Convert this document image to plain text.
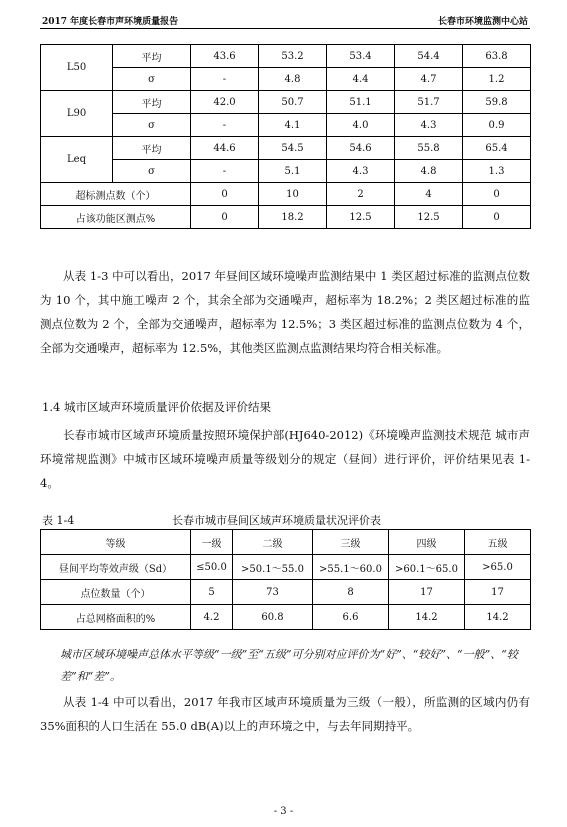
2017 年度长春市声环境质量报告	长春市环境监测中心站
L50	平均	43.6	53.2	53.4	54.4	63.8
	σ	-	4.8	4.4	4.7	1.2
L90	平均	42.0	50.7	51.1	51.7	59.8
	σ	-	4.1	4.0	4.3	0.9
Leq	平均	44.6	54.5	54.6	55.8	65.4
	σ	-	5.1	4.3	4.8	1.3
超标测点数（个）		0	10	2	4	0
占该功能区测点%		0	18.2	12.5	12.5	0

从表 1-3 中可以看出，2017 年昼间区域环境噪声监测结果中 1 类区超过标准的监测点位数为 10 个，其中施工噪声 2 个，其余全部为交通噪声，超标率为 18.2%；2 类区超过标准的监测点位数为 2 个，全部为交通噪声，超标率为 12.5%；3 类区超过标准的监测点位数为 4 个，全部为交通噪声，超标率为 12.5%，其他类区监测点监测结果均符合相关标准。

1.4 城市区域声环境质量评价依据及评价结果

长春市城市区域声环境质量按照环境保护部(HJ640-2012)《环境噪声监测技术规范 城市声环境常规监测》中城市区域环境噪声质量等级划分的规定（昼间）进行评价，评价结果见表 1-4。

表 1-4	长春市城市昼间区域声环境质量状况评价表
等级	一级	二级	三级	四级	五级
昼间平均等效声级（Sd）	≤50.0	>50.1～55.0	>55.1～60.0	>60.1～65.0	>65.0
点位数量（个）	5	73	8	17	17
占总网格面积的%	4.2	60.8	6.6	14.2	14.2

城市区域环境噪声总体水平等级“一级”至“五级”可分别对应评价为“好”、“较好”、“一般”、“较差”和“差”。

从表 1-4 中可以看出，2017 年我市区域声环境质量为三级（一般），所监测的区域内仍有 35%面积的人口生活在 55.0 dB(A)以上的声环境之中，与去年同期持平。

- 3 -
